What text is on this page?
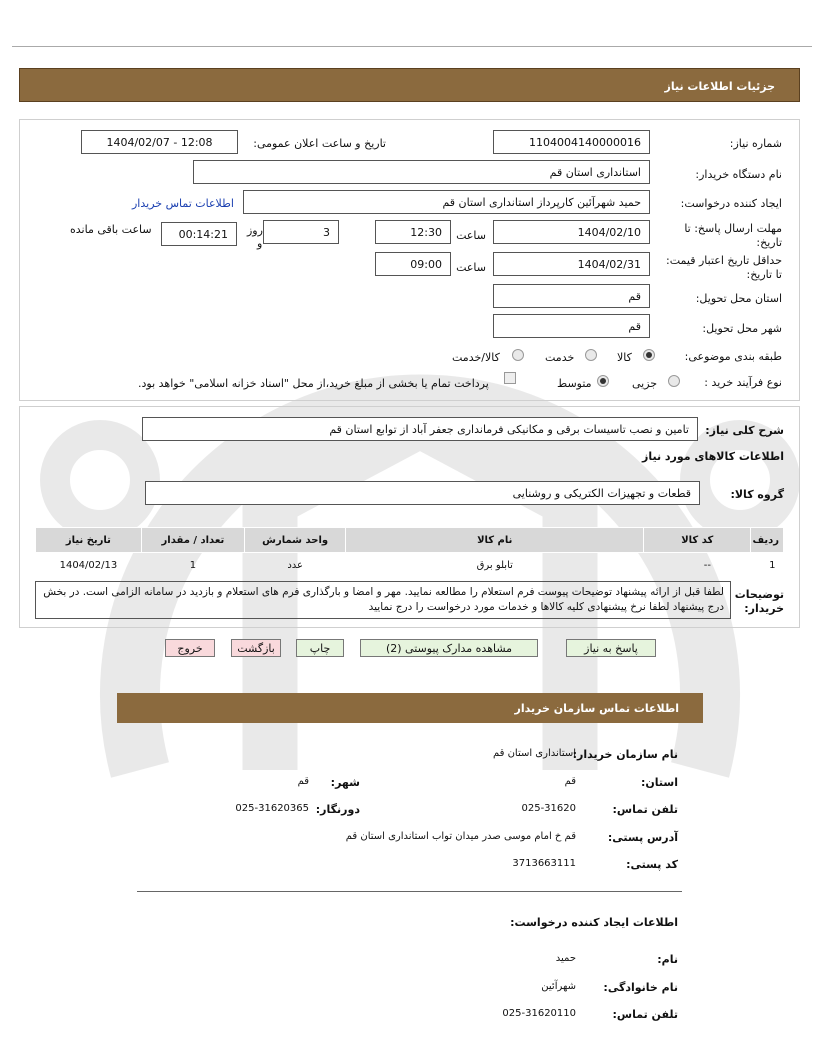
جزئیات اطلاعات نیاز
شماره نیاز:
1104004140000016
تاریخ و ساعت اعلان عمومی:
1404/02/07 - 12:08
نام دستگاه خریدار:
استانداری استان قم
ایجاد کننده درخواست:
حمید شهرآئین کارپرداز استانداری استان قم
اطلاعات تماس خریدار
مهلت ارسال پاسخ: تا
تاریخ:
1404/02/10
ساعت
12:30
3
روز
و
00:14:21
ساعت باقی مانده
حداقل تاریخ اعتبار قیمت:
تا تاریخ:
1404/02/31
ساعت
09:00
استان محل تحویل:
قم
شهر محل تحویل:
قم
طبقه بندی موضوعی:
کالا
خدمت
کالا/خدمت
نوع فرآیند خرید :
جزیی
متوسط
پرداخت تمام یا بخشی از مبلغ خرید،از محل "اسناد خزانه اسلامی" خواهد بود.
شرح کلی نیاز:
تامین و نصب تاسیسات برقی و مکانیکی فرمانداری جعفر آباد از توابع استان قم
اطلاعات کالاهای مورد نیاز
گروه کالا:
قطعات و تجهیزات الکتریکی و روشنایی
ردیف	کد کالا	نام کالا	واحد شمارش	تعداد / مقدار	تاریخ نیاز
1	--	تابلو برق	عدد	1	1404/02/13
توضیحات
خریدار:
لطفا قبل از ارائه پیشنهاد توضیحات پیوست فرم استعلام را مطالعه نمایید. مهر و امضا و بارگذاری فرم های استعلام و بازدید در سامانه الزامی است. در بخش درج پیشنهاد لطفا نرخ پیشنهادی کلیه کالاها و خدمات مورد درخواست را درج نمایید
پاسخ به نیاز
مشاهده مدارک پیوستی (2)
چاپ
بازگشت
خروج
اطلاعات تماس سازمان خریدار
نام سازمان خریدار:
استانداری استان قم
استان:
قم
شهر:
قم
تلفن تماس:
025-31620
دورنگار:
025-31620365
آدرس پستی:
قم خ امام موسی صدر میدان تواب استانداری استان قم
کد پستی:
3713663111
اطلاعات ایجاد کننده درخواست:
نام:
حمید
نام خانوادگی:
شهرآئین
تلفن تماس:
025-31620110
